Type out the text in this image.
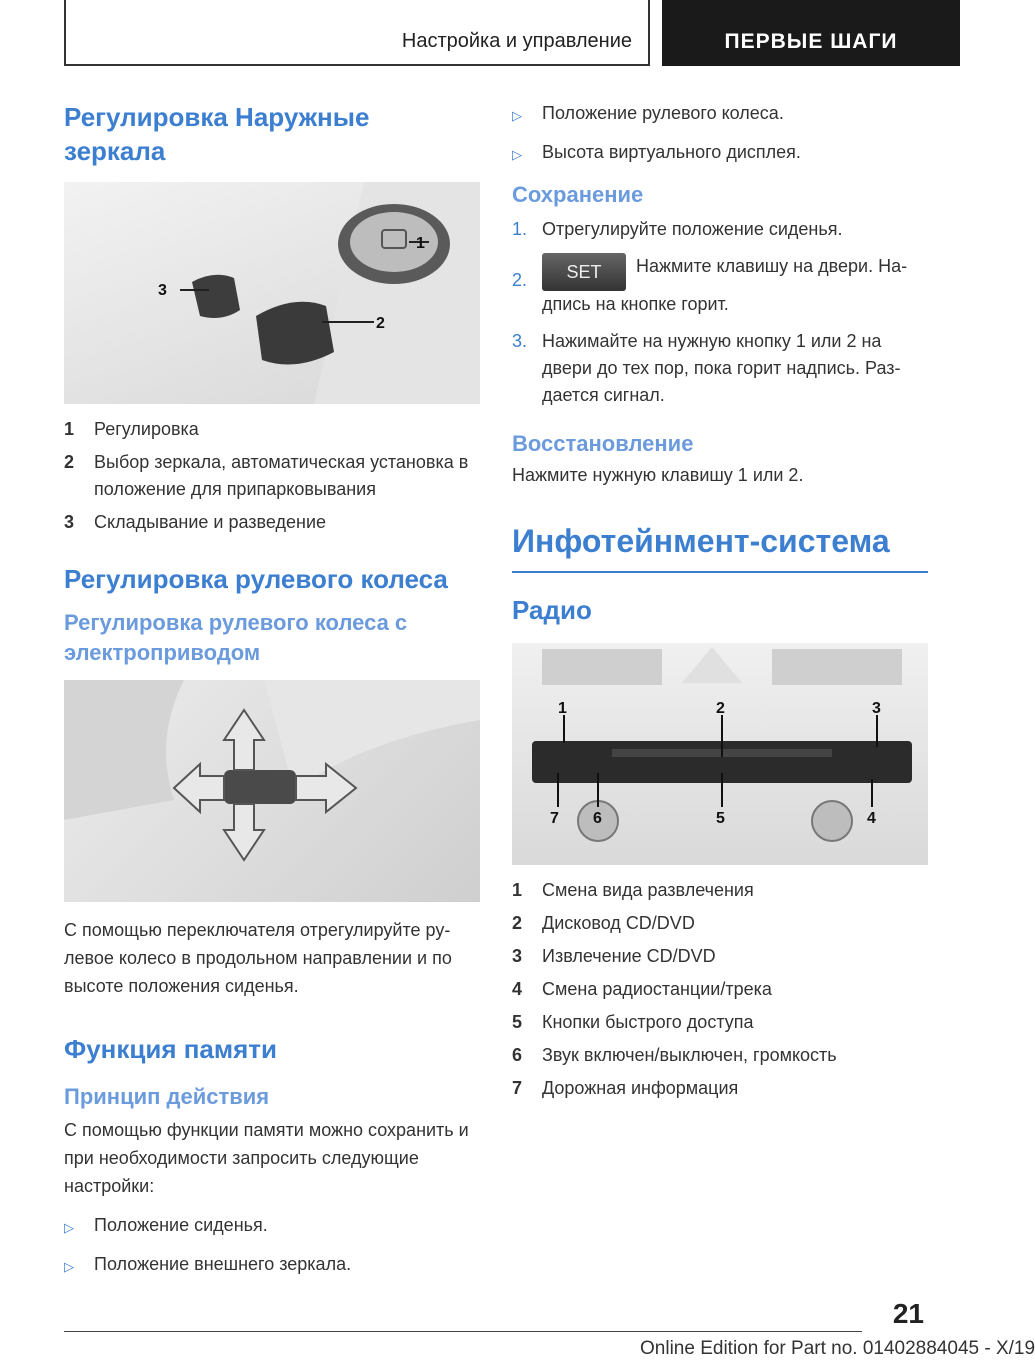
Настройка и управление	ПЕРВЫЕ ШАГИ
Регулировка Наружные зеркала
1
2
3
1	Регулировка
2	Выбор зеркала, автоматическая установка в положение для припарковывания
3	Складывание и разведение
Регулировка рулевого колеса
Регулировка рулевого колеса с электроприводом

С помощью переключателя отрегулируйте ру-левое колесо в продольном направлении и по высоте положения сиденья.

Функция памяти
Принцип действия

С помощью функции памяти можно сохранить и при необходимости запросить следующие настройки:

▷	Положение сиденья.
▷	Положение внешнего зеркала.
▷	Положение рулевого колеса.
▷	Высота виртуального дисплея.
Сохранение
1. Отрегулируйте положение сиденья.
2.	SET Нажмите клавишу на двери. На-дпись на кнопке горит.
3. Нажимайте на нужную кнопку 1 или 2 на двери до тех пор, пока горит надпись. Раз-дается сигнал.
Восстановление

Нажмите нужную клавишу 1 или 2.

Инфотейнмент-система
Радио
1	2	3
4
5
6
7
1	Смена вида развлечения
2	Дисковод CD/DVD
3	Извлечение CD/DVD
4	Смена радиостанции/трека
5	Кнопки быстрого доступа
6	Звук включен/выключен, громкость
7	Дорожная информация
21
Online Edition for Part no. 01402884045 - X/19
